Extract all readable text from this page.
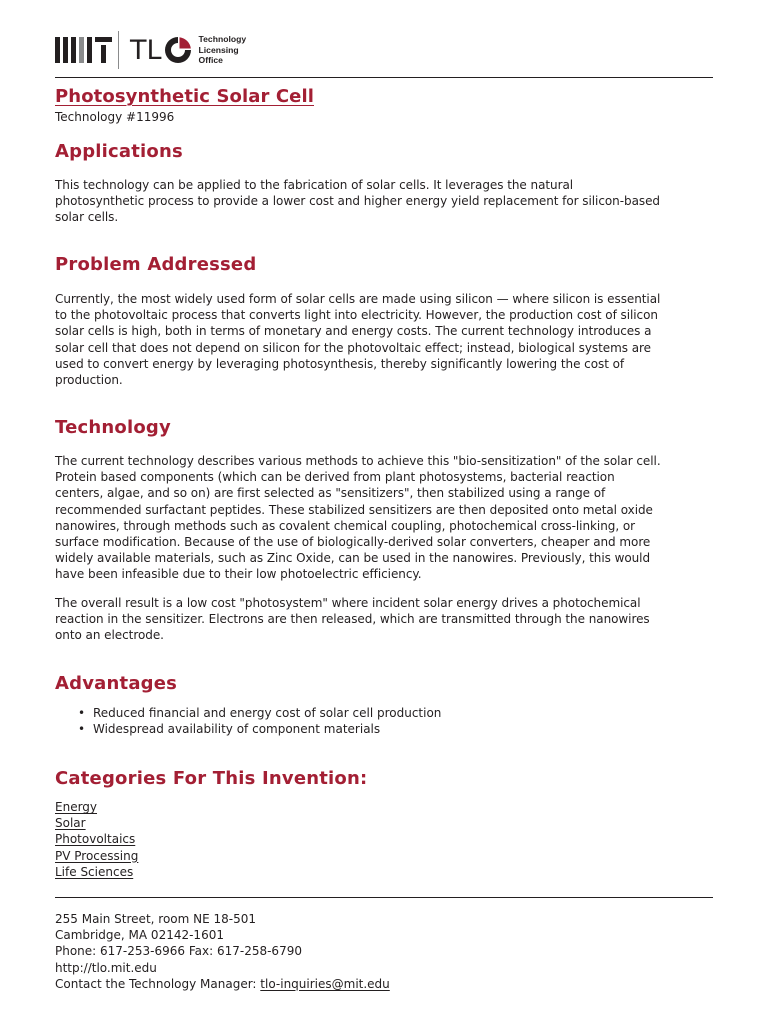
TL	Technology
Licensing
Office
Photosynthetic Solar Cell
Technology #11996
Applications
This technology can be applied to the fabrication of solar cells. It leverages the natural
photosynthetic process to provide a lower cost and higher energy yield replacement for silicon-based
solar cells.
Problem Addressed
Currently, the most widely used form of solar cells are made using silicon — where silicon is essential
to the photovoltaic process that converts light into electricity. However, the production cost of silicon
solar cells is high, both in terms of monetary and energy costs. The current technology introduces a
solar cell that does not depend on silicon for the photovoltaic effect; instead, biological systems are
used to convert energy by leveraging photosynthesis, thereby significantly lowering the cost of
production.
Technology
The current technology describes various methods to achieve this "bio-sensitization" of the solar cell.
Protein based components (which can be derived from plant photosystems, bacterial reaction
centers, algae, and so on) are first selected as "sensitizers", then stabilized using a range of
recommended surfactant peptides. These stabilized sensitizers are then deposited onto metal oxide
nanowires, through methods such as covalent chemical coupling, photochemical cross-linking, or
surface modification. Because of the use of biologically-derived solar converters, cheaper and more
widely available materials, such as Zinc Oxide, can be used in the nanowires. Previously, this would
have been infeasible due to their low photoelectric efficiency.
The overall result is a low cost "photosystem" where incident solar energy drives a photochemical
reaction in the sensitizer. Electrons are then released, which are transmitted through the nanowires
onto an electrode.
Advantages
• Reduced financial and energy cost of solar cell production
• Widespread availability of component materials
Categories For This Invention:
Energy
Solar
Photovoltaics
PV Processing
Life Sciences
255 Main Street, room NE 18-501
Cambridge, MA 02142-1601
Phone: 617-253-6966 Fax: 617-258-6790
http://tlo.mit.edu
Contact the Technology Manager: tlo-inquiries@mit.edu
